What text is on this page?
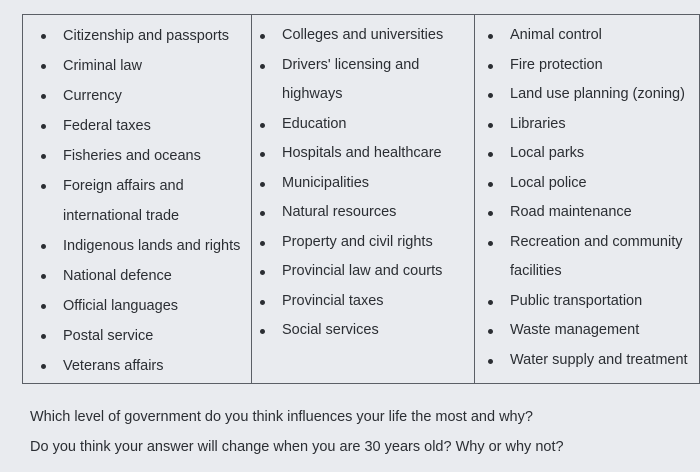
Citizenship and passports
Criminal law
Currency
Federal taxes
Fisheries and oceans
Foreign affairs and
international trade
Indigenous lands and rights
National defence
Official languages
Postal service
Veterans affairs

Colleges and universities
Drivers' licensing and
highways
Education
Hospitals and healthcare
Municipalities
Natural resources
Property and civil rights
Provincial law and courts
Provincial taxes
Social services

Animal control
Fire protection
Land use planning (zoning)
Libraries
Local parks
Local police
Road maintenance
Recreation and community
facilities
Public transportation
Waste management
Water supply and treatment

Which level of government do you think influences your life the most and why?

Do you think your answer will change when you are 30 years old? Why or why not?
